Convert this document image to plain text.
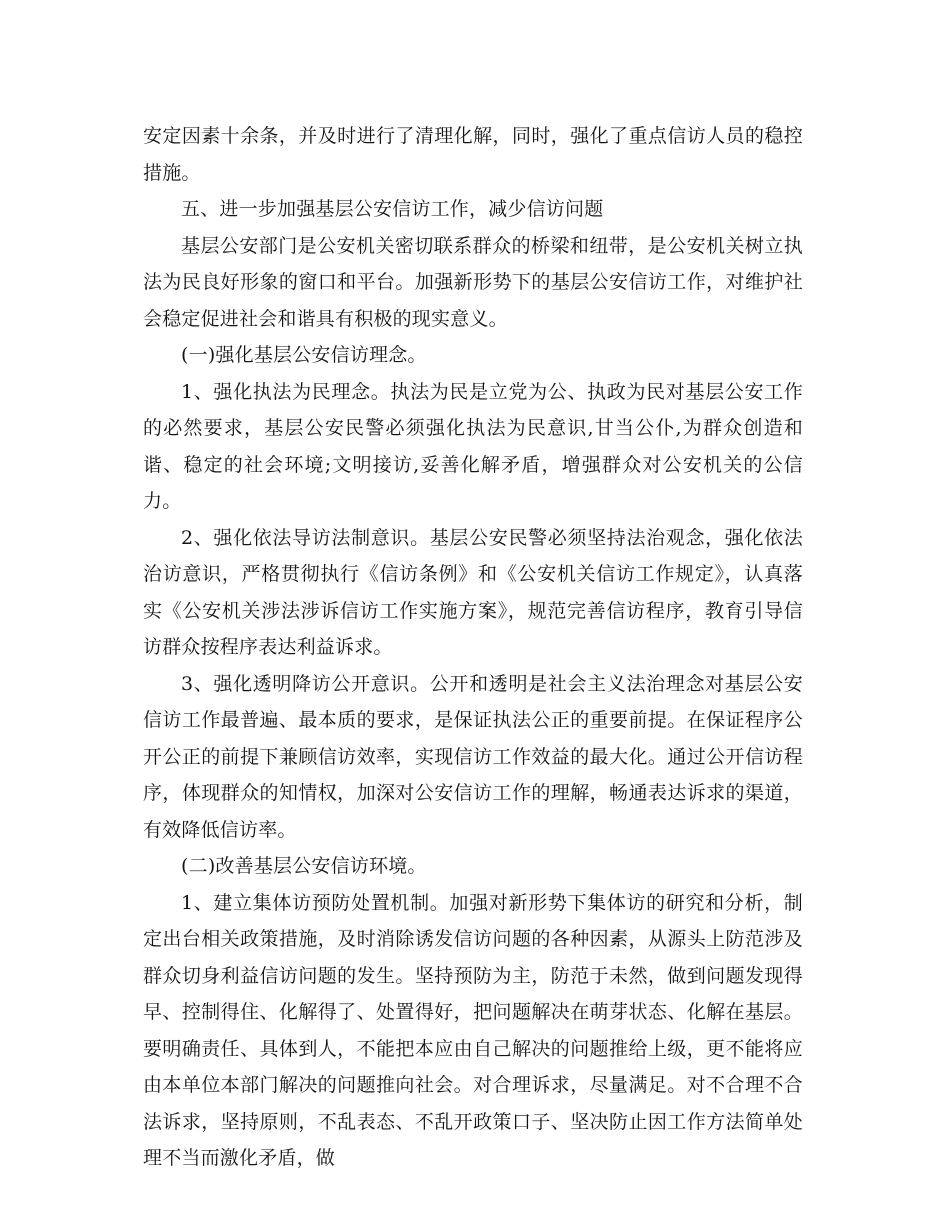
安定因素十余条，并及时进行了清理化解，同时，强化了重点信访人员的稳控措施。

五、进一步加强基层公安信访工作，减少信访问题

基层公安部门是公安机关密切联系群众的桥梁和纽带，是公安机关树立执法为民良好形象的窗口和平台。加强新形势下的基层公安信访工作，对维护社会稳定促进社会和谐具有积极的现实意义。

(一)强化基层公安信访理念。

1、强化执法为民理念。执法为民是立党为公、执政为民对基层公安工作的必然要求，基层公安民警必须强化执法为民意识,甘当公仆,为群众创造和谐、稳定的社会环境;文明接访,妥善化解矛盾，增强群众对公安机关的公信力。

2、强化依法导访法制意识。基层公安民警必须坚持法治观念，强化依法治访意识，严格贯彻执行《信访条例》和《公安机关信访工作规定》，认真落实《公安机关涉法涉诉信访工作实施方案》，规范完善信访程序，教育引导信访群众按程序表达利益诉求。

3、强化透明降访公开意识。公开和透明是社会主义法治理念对基层公安信访工作最普遍、最本质的要求，是保证执法公正的重要前提。在保证程序公开公正的前提下兼顾信访效率，实现信访工作效益的最大化。通过公开信访程序，体现群众的知情权，加深对公安信访工作的理解，畅通表达诉求的渠道，有效降低信访率。

(二)改善基层公安信访环境。

1、建立集体访预防处置机制。加强对新形势下集体访的研究和分析，制定出台相关政策措施，及时消除诱发信访问题的各种因素，从源头上防范涉及群众切身利益信访问题的发生。坚持预防为主，防范于未然，做到问题发现得早、控制得住、化解得了、处置得好，把问题解决在萌芽状态、化解在基层。要明确责任、具体到人，不能把本应由自己解决的问题推给上级，更不能将应由本单位本部门解决的问题推向社会。对合理诉求，尽量满足。对不合理不合法诉求，坚持原则，不乱表态、不乱开政策口子、坚决防止因工作方法简单处理不当而激化矛盾，做
